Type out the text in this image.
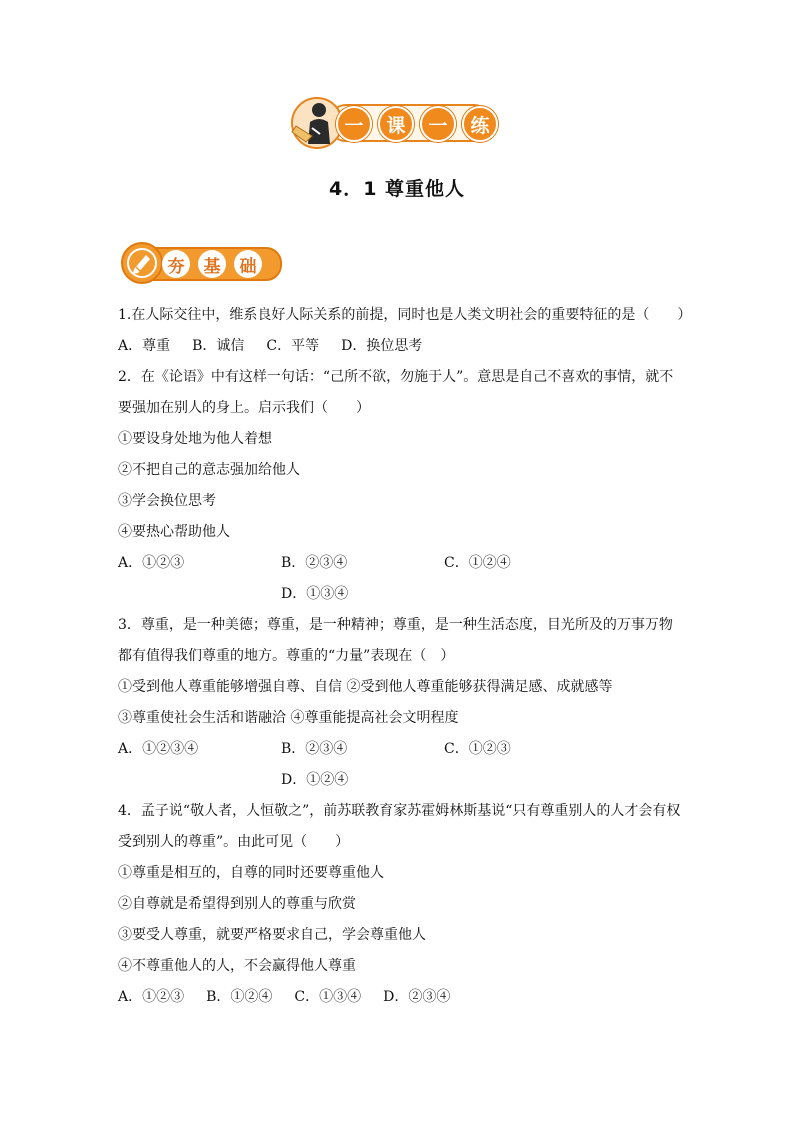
一	课	一	练
4．1 尊重他人
夯	基	础
1.在人际交往中，维系良好人际关系的前提，同时也是人类文明社会的重要特征的是（　　）
A．尊重 B．诚信 C．平等 D．换位思考
2．在《论语》中有这样一句话：“己所不欲，勿施于人”。意思是自己不喜欢的事情，就不
要强加在别人的身上。启示我们（　　）
①要设身处地为他人着想
②不把自己的意志强加给他人
③学会换位思考
④要热心帮助他人
A．①②③	B．②③④	C．①②④
D．①③④
3．尊重，是一种美德；尊重，是一种精神；尊重，是一种生活态度，目光所及的万事万物
都有值得我们尊重的地方。尊重的“力量”表现在（　）
①受到他人尊重能够增强自尊、自信 ②受到他人尊重能够获得满足感、成就感等
③尊重使社会生活和谐融洽 ④尊重能提高社会文明程度
A．①②③④	B．②③④	C．①②③
D．①②④
4．孟子说“敬人者，人恒敬之”，前苏联教育家苏霍姆林斯基说“只有尊重别人的人才会有权
受到别人的尊重”。由此可见（　　）
①尊重是相互的，自尊的同时还要尊重他人
②自尊就是希望得到别人的尊重与欣赏
③要受人尊重，就要严格要求自己，学会尊重他人
④不尊重他人的人，不会赢得他人尊重
A．①②③ B．①②④ C．①③④ D．②③④
